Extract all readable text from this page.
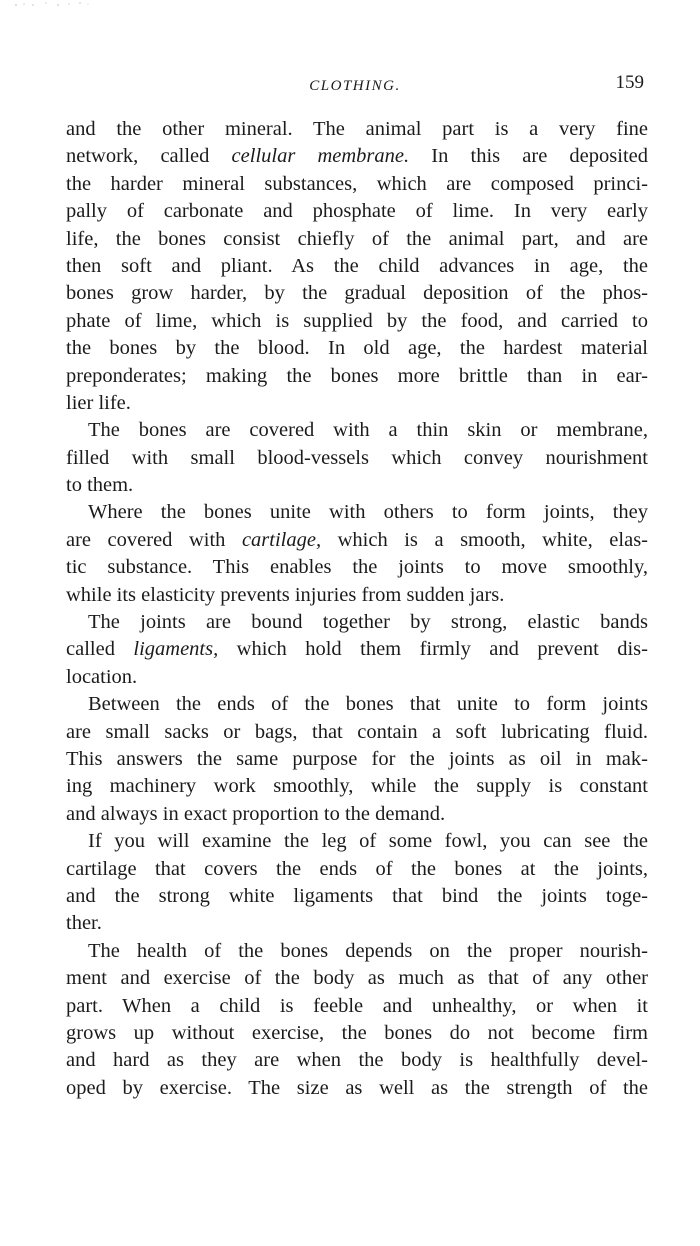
CLOTHING.	159
and the other mineral. The animal part is a very fine
network, called cellular membrane. In this are deposited
the harder mineral substances, which are composed princi-
pally of carbonate and phosphate of lime. In very early
life, the bones consist chiefly of the animal part, and are
then soft and pliant. As the child advances in age, the
bones grow harder, by the gradual deposition of the phos-
phate of lime, which is supplied by the food, and carried to
the bones by the blood. In old age, the hardest material
preponderates; making the bones more brittle than in ear-
lier life.
The bones are covered with a thin skin or membrane,
filled with small blood-vessels which convey nourishment
to them.
Where the bones unite with others to form joints, they
are covered with cartilage, which is a smooth, white, elas-
tic substance. This enables the joints to move smoothly,
while its elasticity prevents injuries from sudden jars.
The joints are bound together by strong, elastic bands
called ligaments, which hold them firmly and prevent dis-
location.
Between the ends of the bones that unite to form joints
are small sacks or bags, that contain a soft lubricating fluid.
This answers the same purpose for the joints as oil in mak-
ing machinery work smoothly, while the supply is constant
and always in exact proportion to the demand.
If you will examine the leg of some fowl, you can see the
cartilage that covers the ends of the bones at the joints,
and the strong white ligaments that bind the joints toge-
ther.
The health of the bones depends on the proper nourish-
ment and exercise of the body as much as that of any other
part. When a child is feeble and unhealthy, or when it
grows up without exercise, the bones do not become firm
and hard as they are when the body is healthfully devel-
oped by exercise. The size as well as the strength of the
